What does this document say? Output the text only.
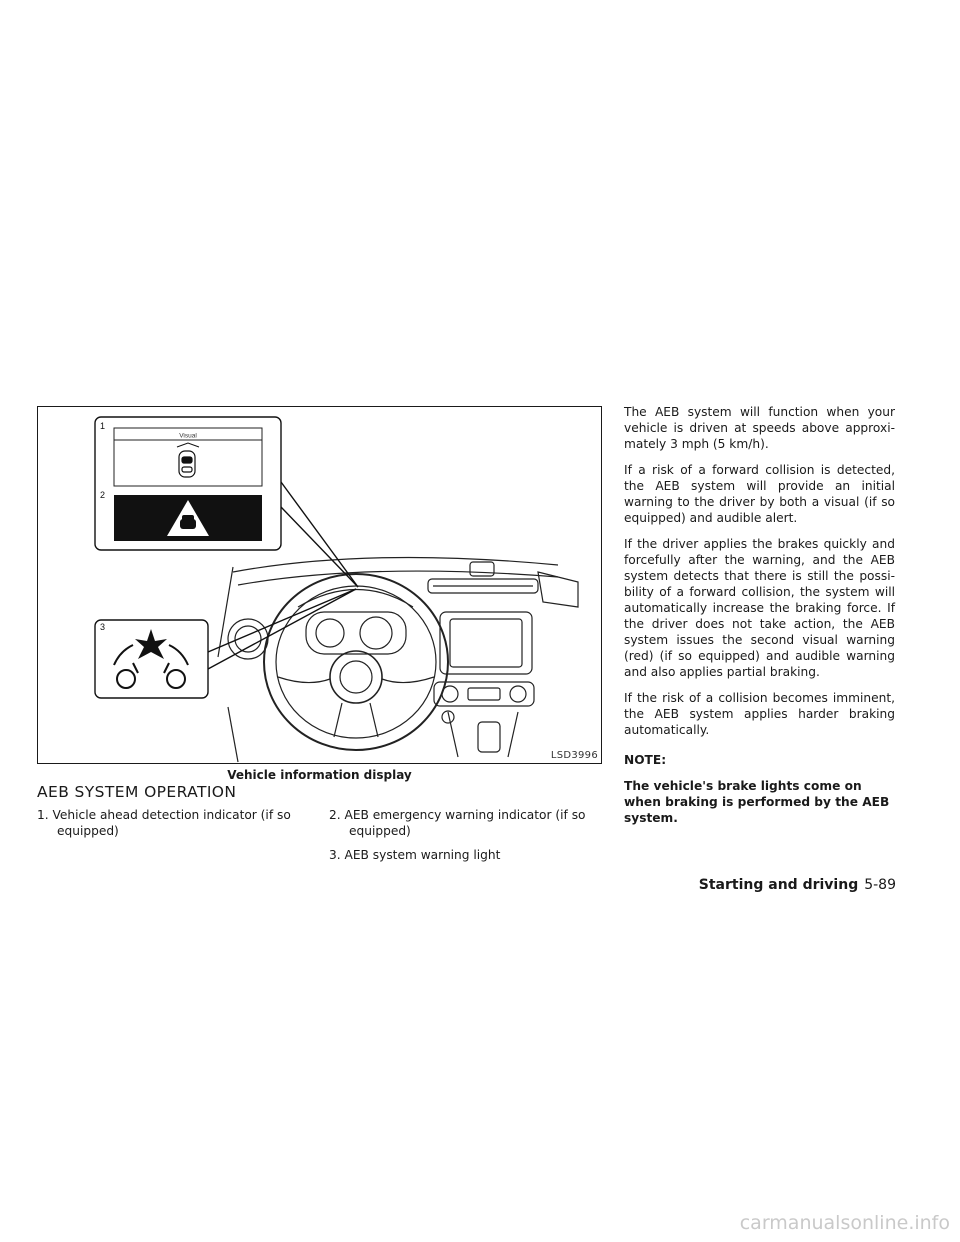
Visual
1
2
3
LSD3996
Vehicle information display
AEB SYSTEM OPERATION
1. Vehicle ahead detection indicator (if so equipped)
2. AEB emergency warning indicator (if so equipped)
3. AEB system warning light

The AEB system will function when your vehicle is driven at speeds above approxi-mately 3 mph (5 km/h).

If a risk of a forward collision is detected, the AEB system will provide an initial warning to the driver by both a visual (if so equipped) and audible alert.

If the driver applies the brakes quickly and forcefully after the warning, and the AEB system detects that there is still the possi-bility of a forward collision, the system will automatically increase the braking force. If the driver does not take action, the AEB system issues the second visual warning (red) (if so equipped) and audible warning and also applies partial braking.

If the risk of a collision becomes imminent, the AEB system applies harder braking automatically.

NOTE:

The vehicle's brake lights come on when braking is performed by the AEB system.

Starting and driving 5-89
carmanualsonline.info
